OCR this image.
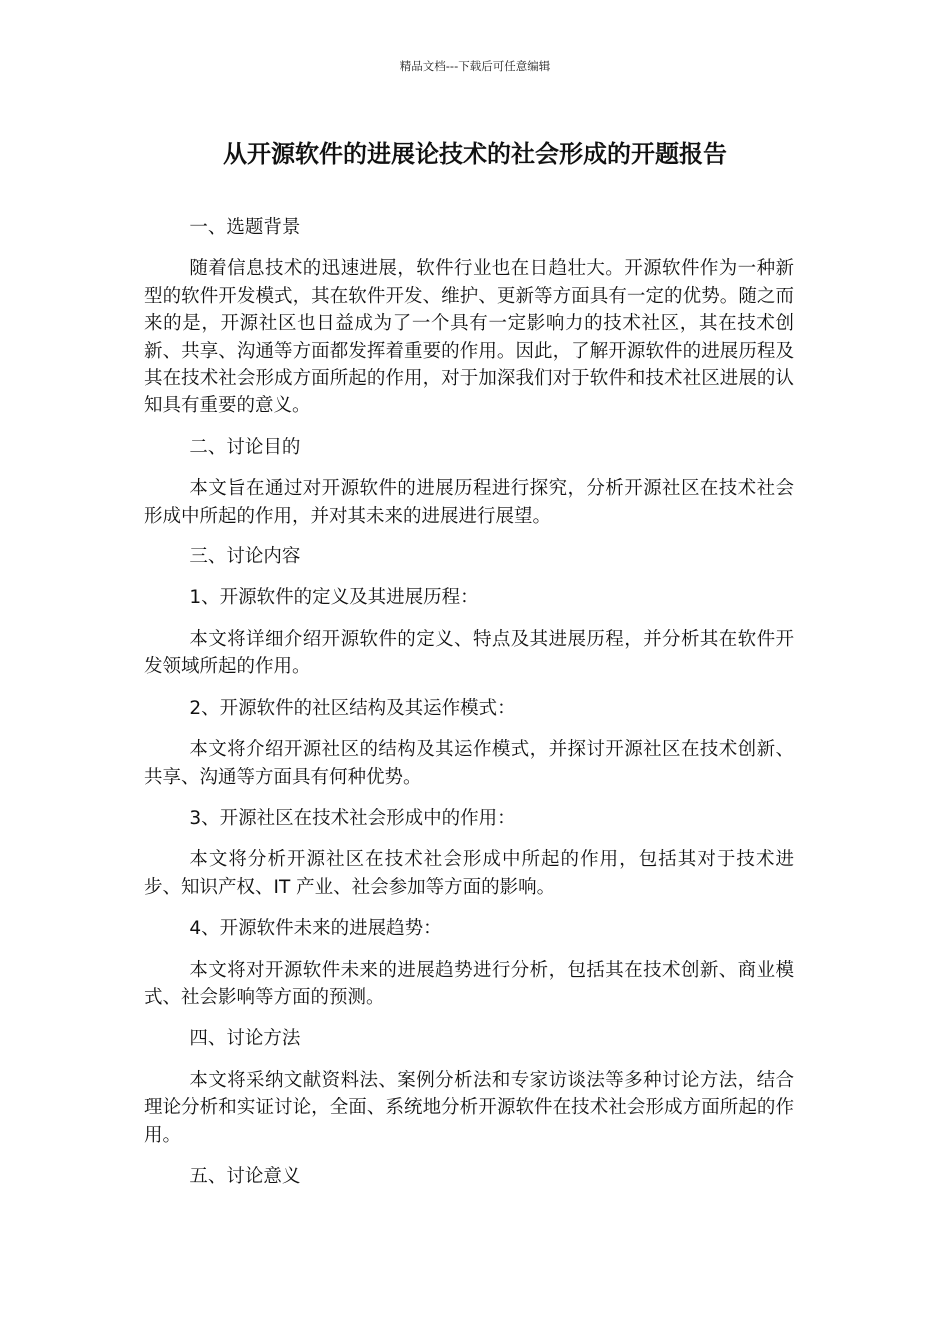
精品文档---下载后可任意编辑
从开源软件的进展论技术的社会形成的开题报告

一、选题背景

随着信息技术的迅速进展，软件行业也在日趋壮大。开源软件作为一种新型的软件开发模式，其在软件开发、维护、更新等方面具有一定的优势。随之而来的是，开源社区也日益成为了一个具有一定影响力的技术社区，其在技术创新、共享、沟通等方面都发挥着重要的作用。因此，了解开源软件的进展历程及其在技术社会形成方面所起的作用，对于加深我们对于软件和技术社区进展的认知具有重要的意义。

二、讨论目的

本文旨在通过对开源软件的进展历程进行探究，分析开源社区在技术社会形成中所起的作用，并对其未来的进展进行展望。

三、讨论内容

1、开源软件的定义及其进展历程：

本文将详细介绍开源软件的定义、特点及其进展历程，并分析其在软件开发领域所起的作用。

2、开源软件的社区结构及其运作模式：

本文将介绍开源社区的结构及其运作模式，并探讨开源社区在技术创新、共享、沟通等方面具有何种优势。

3、开源社区在技术社会形成中的作用：

本文将分析开源社区在技术社会形成中所起的作用，包括其对于技术进步、知识产权、IT 产业、社会参加等方面的影响。

4、开源软件未来的进展趋势：

本文将对开源软件未来的进展趋势进行分析，包括其在技术创新、商业模式、社会影响等方面的预测。

四、讨论方法

本文将采纳文献资料法、案例分析法和专家访谈法等多种讨论方法，结合理论分析和实证讨论，全面、系统地分析开源软件在技术社会形成方面所起的作用。

五、讨论意义
